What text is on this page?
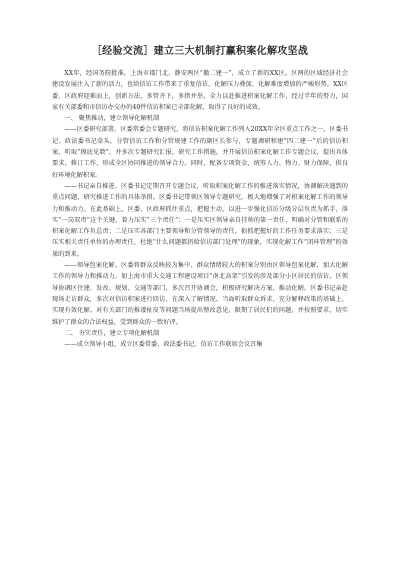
［经验交流］建立三大机制打赢积案化解攻坚战

XX年，经国务院批准，上海市郡门北、静安两区“撤二建一”，成立了新的XX区。区两的区域经济社会建设发展注入了新的活力，也给信访工作带来了重复信访、化解压力叠加、化解难度增加的严峻形势。XX区委、区政府迎难而上，创新方法，多管齐下，多措并举，全力以赴推进积案化解工作，经过半年的努力，国家有关部委和市信访办交办的40件信访积案已全部化解，取得了良好的成效。

一、 聚焦推动，建立领导化解机制

——区委研究部署。区委常委会专题研究，将信访积案化解工作列入20XX年全区重点工作之一，区委书记、政法委书记牵头，分管信访工作和分管规建工作的副区长参与，专题调研和建“四二建一”后的信访积案，听取“摸底见数”，并多次专题研究汇报，研究工作措施。并开展信访积案化解工作专题会议，提出具体要求。修订工作，形成全区协同推进的领导合力。同时，配备专项资金，统筹人力、物力、财力保障，供良好环境化解积案。

——书记亲自推进。区委书记定期召开专题会议，听取积案化解工作的推进落实情况，协调解决遇到的重点问题，研究推进工作的具体举措。区委书记带领区领导专题研究，极大地增强了对积案化解工作的领导力和推动力。在此基础上，区委、区政府抓住重点，把握主动，以进一步强化信访分级分层负责为抓手，落实“一岗双责”这个关键，着力压实“三个责任”：一是压实区领导亲自挂帅的第一责任，明确对分管和联系的积案化解工作负总责；二是压实各部门主要领导和分管领导的责任，狠抓把握好的工作任务要求落实；三是压实相关责任单位的办理责任，杜绝“什么问题都扔给信访部门处理”的现象，实现化解工作“闭环管理”的效果的到来。

——领导包案化解。区委将群众反映较为集中、群众情绪较大的积案分别由区领导包案化解，加大化解工作的领导力和推动力。如上海市重大交通工程建设项目“南北高架”引发的涉及部分小区居民的信访，区领导协调区住建、发改、规划、交通等部门，多次召开协调会，积极研究解决方案，推动化解。区委书记亲赴现场走访群众，多次对信访积案进行回访，在深入了解情况、当面听取群众诉求、充分解释政策的基础上，实现有效化解。对有关部门的推诿扯皮等问题当场提出整改意见，限期了居民们的问题，并按照要求，切实维护了群众的合法权益，受到群众的一致好评。

二、 夯实责任，建立专项化解机制

——成立领导小组，成立区委常委、政法委书记、信访工作联席会议召集
